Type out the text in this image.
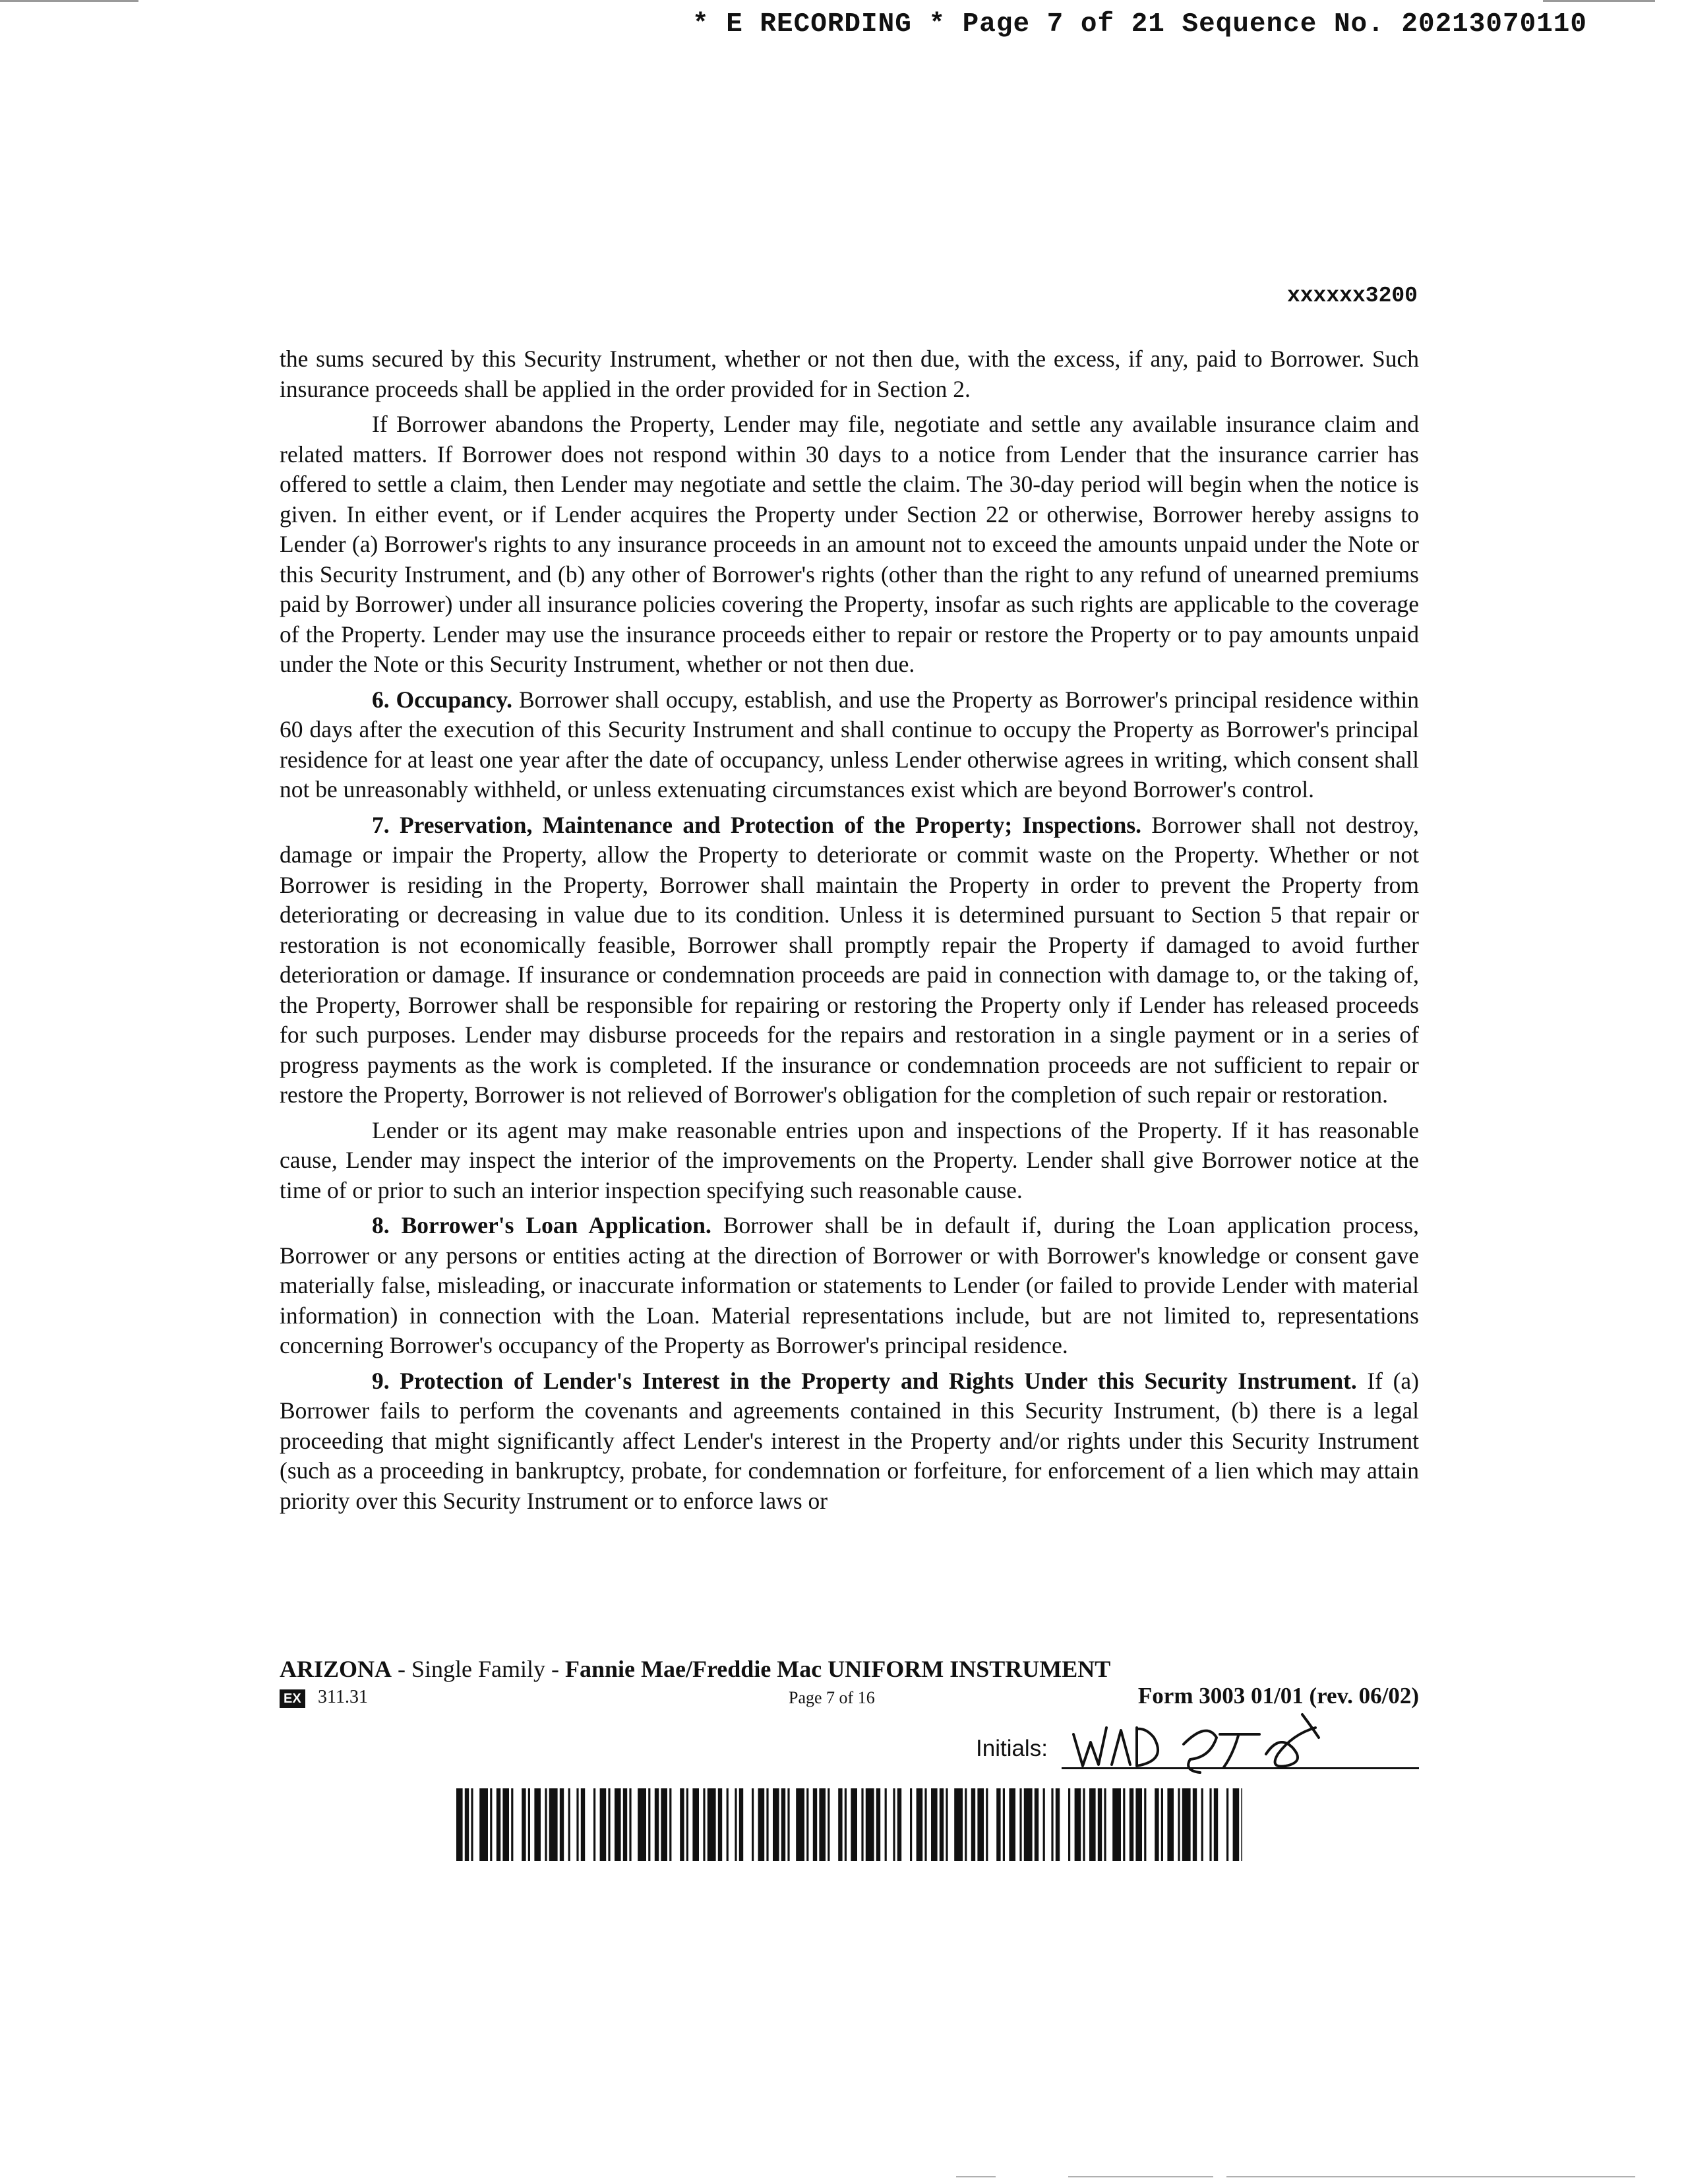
* E RECORDING * Page 7 of 21 Sequence No. 20213070110
xxxxxx3200

the sums secured by this Security Instrument, whether or not then due, with the excess, if any, paid to Borrower. Such insurance proceeds shall be applied in the order provided for in Section 2.

If Borrower abandons the Property, Lender may file, negotiate and settle any available insurance claim and related matters. If Borrower does not respond within 30 days to a notice from Lender that the insurance carrier has offered to settle a claim, then Lender may negotiate and settle the claim. The 30-day period will begin when the notice is given. In either event, or if Lender acquires the Property under Section 22 or otherwise, Borrower hereby assigns to Lender (a) Borrower's rights to any insurance proceeds in an amount not to exceed the amounts unpaid under the Note or this Security Instrument, and (b) any other of Borrower's rights (other than the right to any refund of unearned premiums paid by Borrower) under all insurance policies covering the Property, insofar as such rights are applicable to the coverage of the Property. Lender may use the insurance proceeds either to repair or restore the Property or to pay amounts unpaid under the Note or this Security Instrument, whether or not then due.

6. Occupancy. Borrower shall occupy, establish, and use the Property as Borrower's principal residence within 60 days after the execution of this Security Instrument and shall continue to occupy the Property as Borrower's principal residence for at least one year after the date of occupancy, unless Lender otherwise agrees in writing, which consent shall not be unreasonably withheld, or unless extenuating circumstances exist which are beyond Borrower's control.

7. Preservation, Maintenance and Protection of the Property; Inspections. Borrower shall not destroy, damage or impair the Property, allow the Property to deteriorate or commit waste on the Property. Whether or not Borrower is residing in the Property, Borrower shall maintain the Property in order to prevent the Property from deteriorating or decreasing in value due to its condition. Unless it is determined pursuant to Section 5 that repair or restoration is not economically feasible, Borrower shall promptly repair the Property if damaged to avoid further deterioration or damage. If insurance or condemnation proceeds are paid in connection with damage to, or the taking of, the Property, Borrower shall be responsible for repairing or restoring the Property only if Lender has released proceeds for such purposes. Lender may disburse proceeds for the repairs and restoration in a single payment or in a series of progress payments as the work is completed. If the insurance or condemnation proceeds are not sufficient to repair or restore the Property, Borrower is not relieved of Borrower's obligation for the completion of such repair or restoration.

Lender or its agent may make reasonable entries upon and inspections of the Property. If it has reasonable cause, Lender may inspect the interior of the improvements on the Property. Lender shall give Borrower notice at the time of or prior to such an interior inspection specifying such reasonable cause.

8. Borrower's Loan Application. Borrower shall be in default if, during the Loan application process, Borrower or any persons or entities acting at the direction of Borrower or with Borrower's knowledge or consent gave materially false, misleading, or inaccurate information or statements to Lender (or failed to provide Lender with material information) in connection with the Loan. Material representations include, but are not limited to, representations concerning Borrower's occupancy of the Property as Borrower's principal residence.

9. Protection of Lender's Interest in the Property and Rights Under this Security Instrument. If (a) Borrower fails to perform the covenants and agreements contained in this Security Instrument, (b) there is a legal proceeding that might significantly affect Lender's interest in the Property and/or rights under this Security Instrument (such as a proceeding in bankruptcy, probate, for condemnation or forfeiture, for enforcement of a lien which may attain priority over this Security Instrument or to enforce laws or

ARIZONA - Single Family - Fannie Mae/Freddie Mac UNIFORM INSTRUMENT
EX 311.31	Page 7 of 16	Form 3003 01/01 (rev. 06/02)
Initials:
